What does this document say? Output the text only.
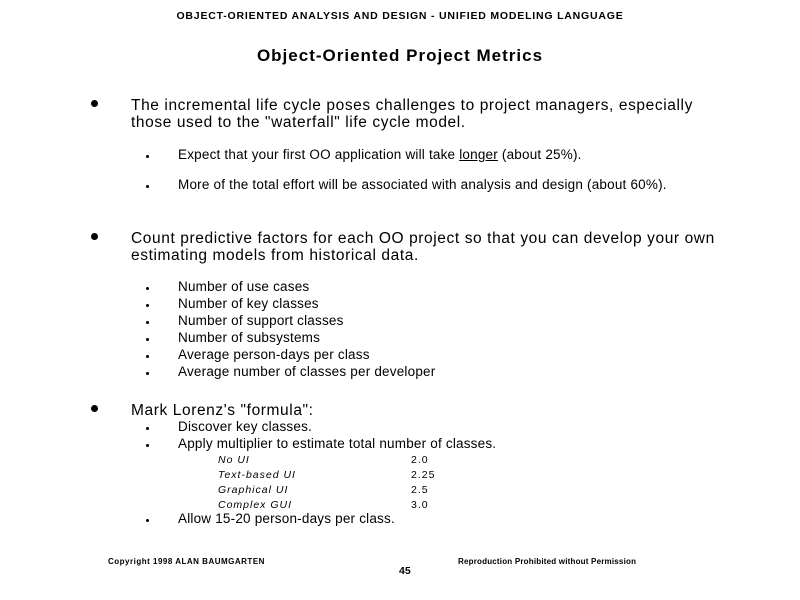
OBJECT-ORIENTED ANALYSIS AND DESIGN - UNIFIED MODELING LANGUAGE
Object-Oriented Project Metrics
The incremental life cycle poses challenges to project managers, especially those used to the "waterfall" life cycle model.
Expect that your first OO application will take longer (about 25%).
More of the total effort will be associated with analysis and design (about 60%).
Count predictive factors for each OO project so that you can develop your own estimating models from historical data.
Number of use cases
Number of key classes
Number of support classes
Number of subsystems
Average person-days per class
Average number of classes per developer
Mark Lorenz's "formula":
Discover key classes.
Apply multiplier to estimate total number of classes.
No UI	2.0
Text-based UI	2.25
Graphical UI	2.5
Complex GUI	3.0
Allow 15-20 person-days per class.
Copyright 1998 ALAN BAUMGARTEN	Reproduction Prohibited without Permission
45
